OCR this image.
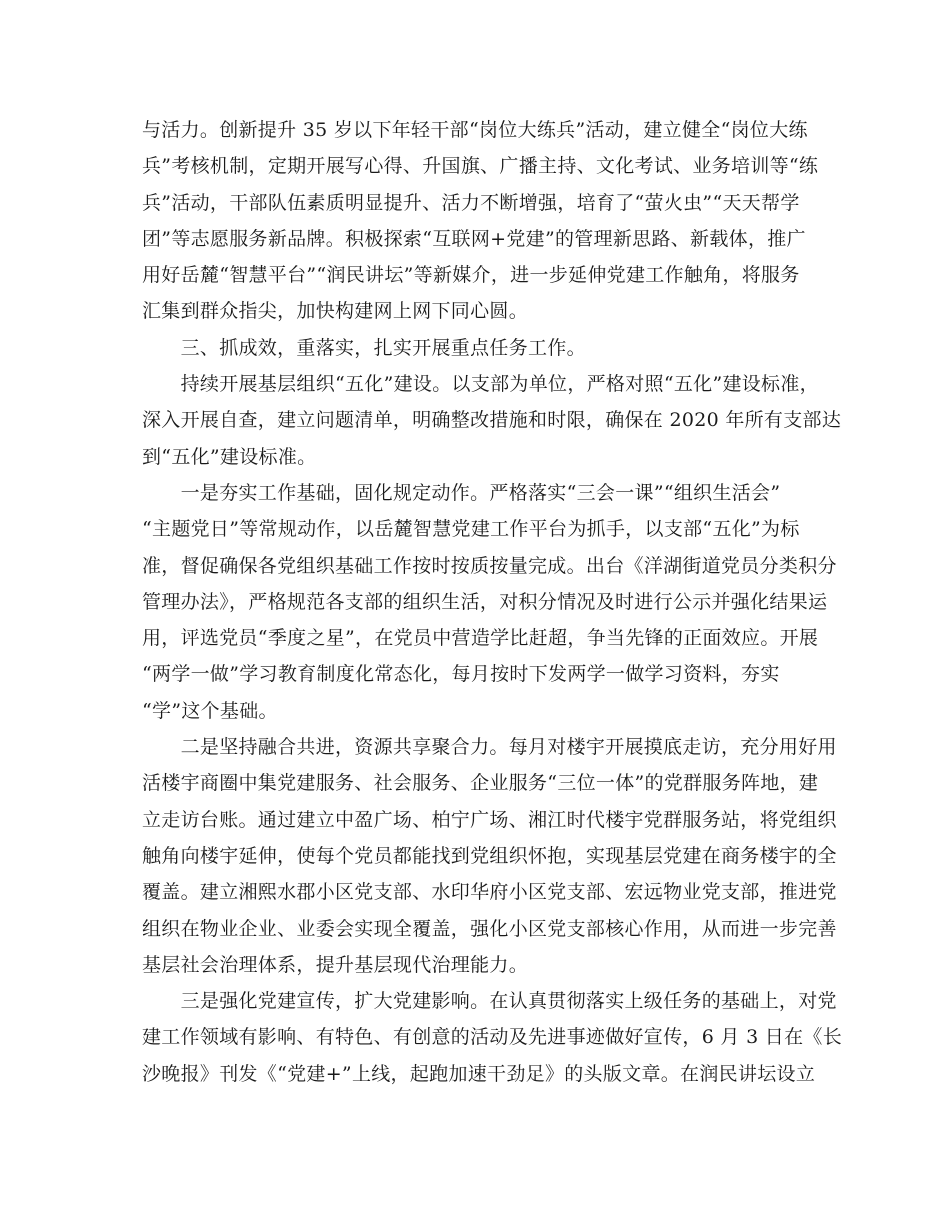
与活力。创新提升 35 岁以下年轻干部“岗位大练兵”活动，建立健全“岗位大练
兵”考核机制，定期开展写心得、升国旗、广播主持、文化考试、业务培训等“练
兵”活动，干部队伍素质明显提升、活力不断增强，培育了“萤火虫”“天天帮学
团”等志愿服务新品牌。积极探索“互联网+党建”的管理新思路、新载体，推广
用好岳麓“智慧平台”“润民讲坛”等新媒介，进一步延伸党建工作触角，将服务
汇集到群众指尖，加快构建网上网下同心圆。
　　三、抓成效，重落实，扎实开展重点任务工作。
　　持续开展基层组织“五化”建设。以支部为单位，严格对照“五化”建设标准，
深入开展自查，建立问题清单，明确整改措施和时限，确保在 2020 年所有支部达
到“五化”建设标准。
　　一是夯实工作基础，固化规定动作。严格落实“三会一课”“组织生活会”
“主题党日”等常规动作，以岳麓智慧党建工作平台为抓手，以支部“五化”为标
准，督促确保各党组织基础工作按时按质按量完成。出台《洋湖街道党员分类积分
管理办法》，严格规范各支部的组织生活，对积分情况及时进行公示并强化结果运
用，评选党员“季度之星”，在党员中营造学比赶超，争当先锋的正面效应。开展
“两学一做”学习教育制度化常态化，每月按时下发两学一做学习资料，夯实
“学”这个基础。
　　二是坚持融合共进，资源共享聚合力。每月对楼宇开展摸底走访，充分用好用
活楼宇商圈中集党建服务、社会服务、企业服务“三位一体”的党群服务阵地，建
立走访台账。通过建立中盈广场、柏宁广场、湘江时代楼宇党群服务站，将党组织
触角向楼宇延伸，使每个党员都能找到党组织怀抱，实现基层党建在商务楼宇的全
覆盖。建立湘熙水郡小区党支部、水印华府小区党支部、宏远物业党支部，推进党
组织在物业企业、业委会实现全覆盖，强化小区党支部核心作用，从而进一步完善
基层社会治理体系，提升基层现代治理能力。
　　三是强化党建宣传，扩大党建影响。在认真贯彻落实上级任务的基础上，对党
建工作领域有影响、有特色、有创意的活动及先进事迹做好宣传，6 月 3 日在《长
沙晚报》刊发《“党建+”上线，起跑加速干劲足》的头版文章。在润民讲坛设立
